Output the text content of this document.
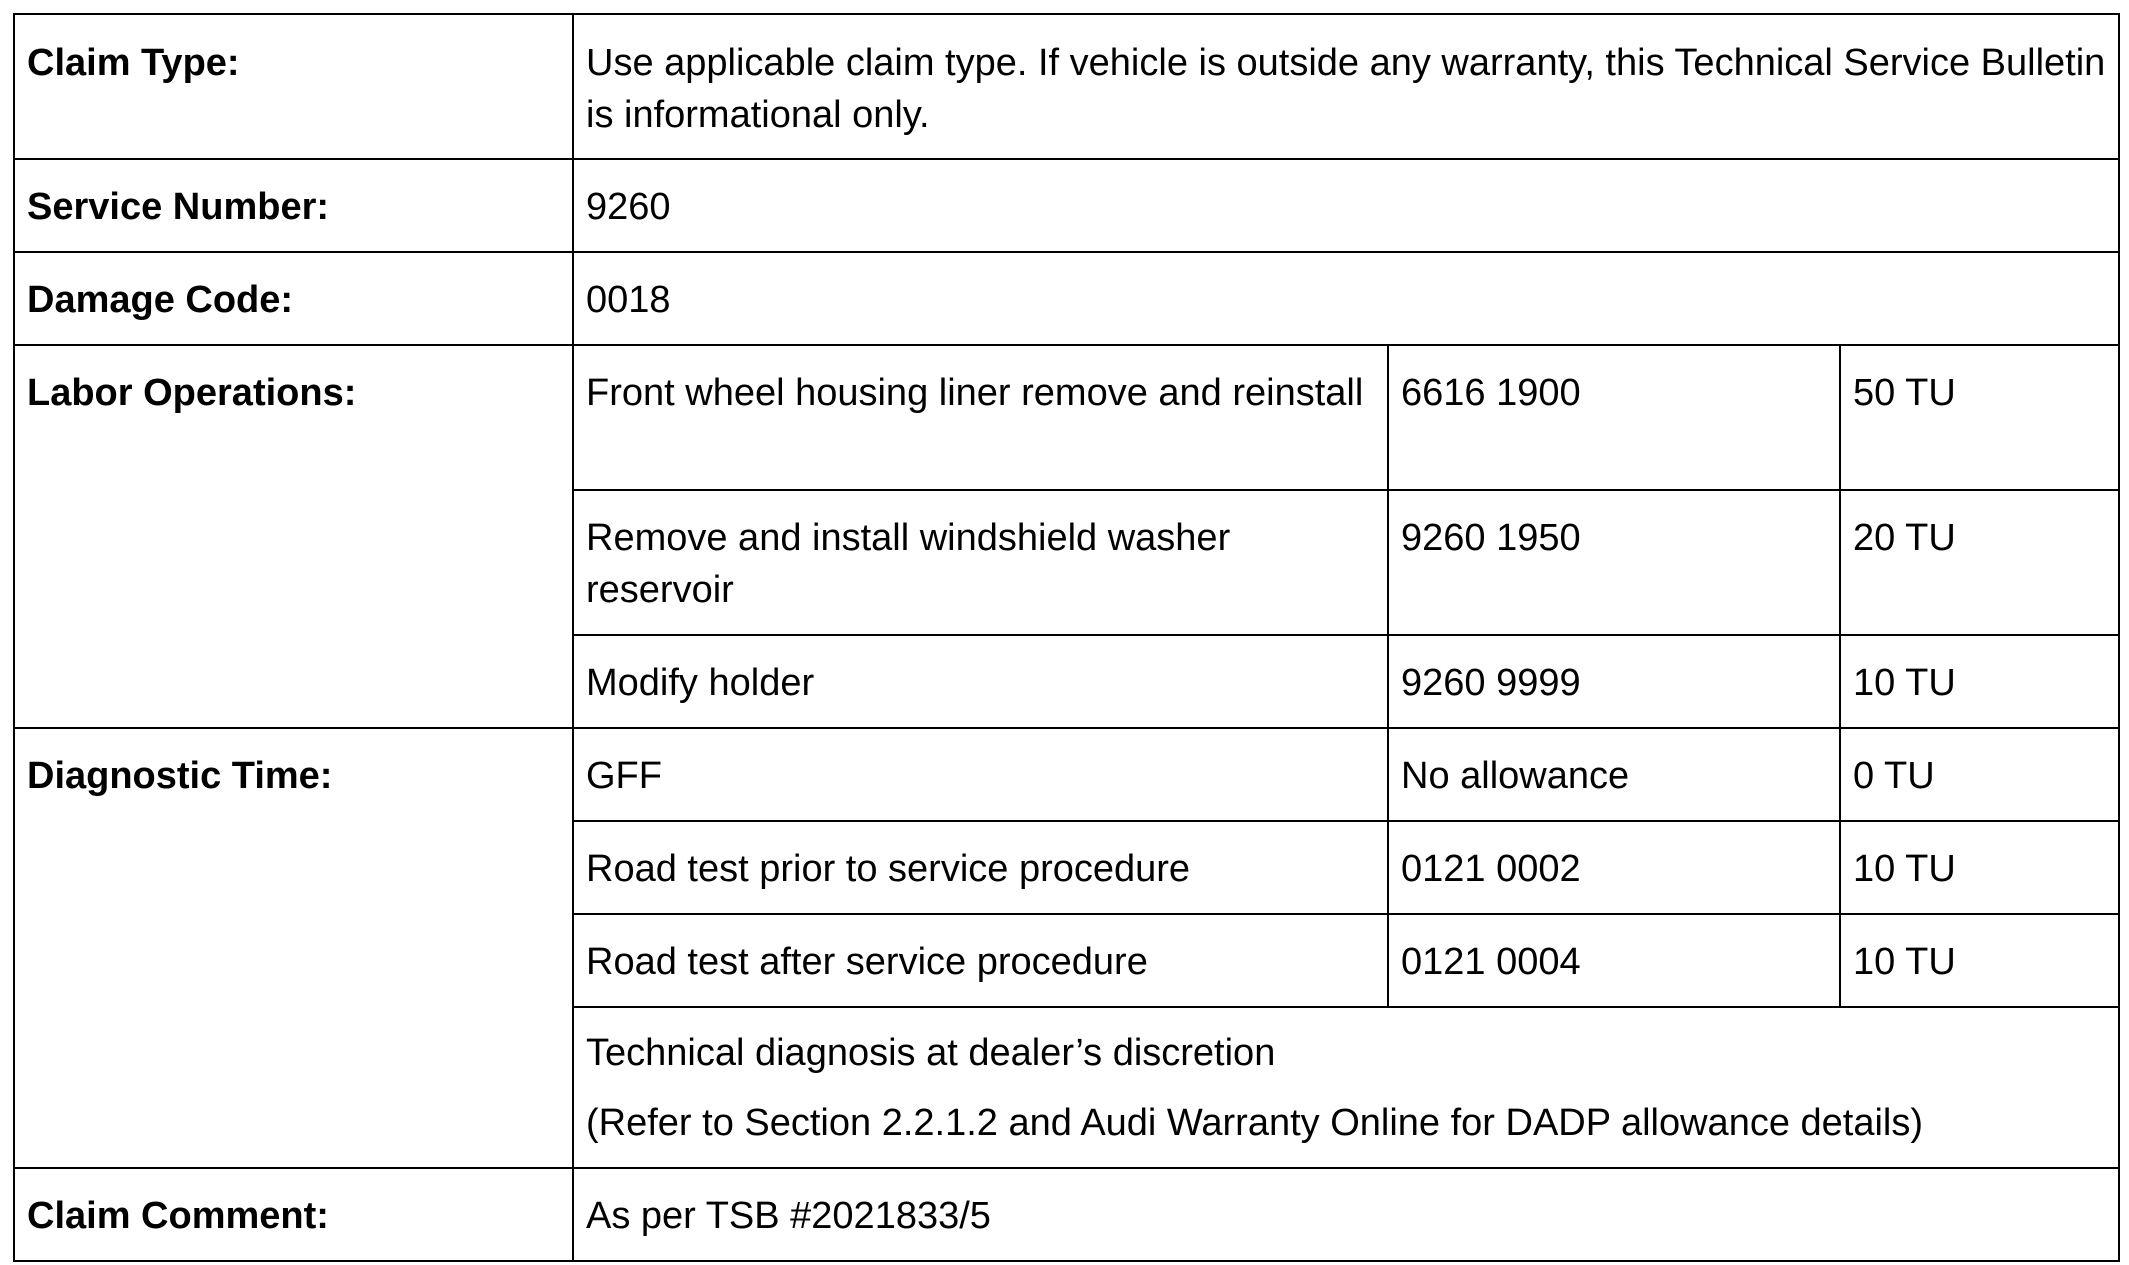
Claim Type:	Use applicable claim type. If vehicle is outside any warranty, this Technical Service Bulletin is informational only.		
Service Number:	9260		
Damage Code:	0018		
Labor Operations:	Front wheel housing liner remove and reinstall	6616 1900	50 TU
	Remove and install windshield washer reservoir	9260 1950	20 TU
	Modify holder	9260 9999	10 TU
Diagnostic Time:	GFF	No allowance	0 TU
	Road test prior to service procedure	0121 0002	10 TU
	Road test after service procedure	0121 0004	10 TU

	Technical diagnosis at dealer’s discretion
(Refer to Section 2.2.1.2 and Audi Warranty Online for DADP allowance details)		

Claim Comment:	As per TSB #2021833/5		
